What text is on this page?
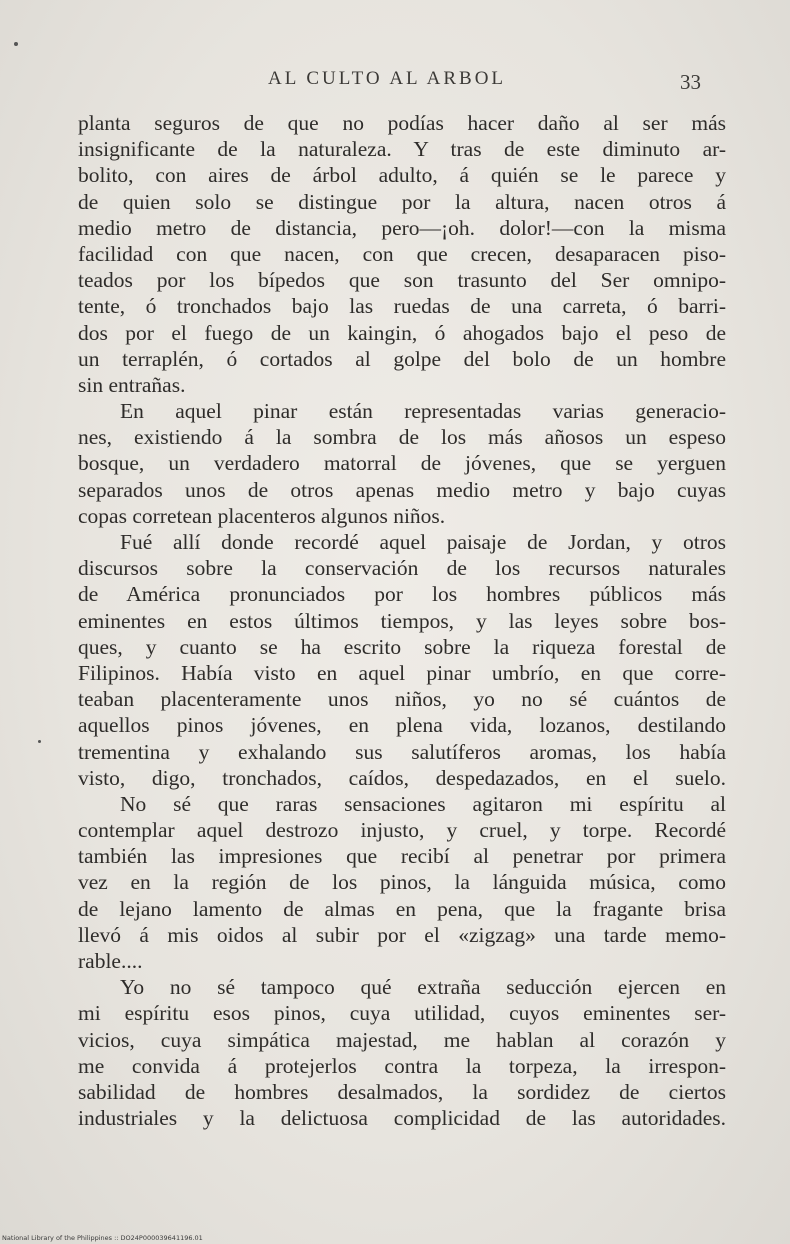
AL CULTO AL ARBOL	33
planta seguros de que no podías hacer daño al ser más
insignificante de la naturaleza. Y tras de este diminuto ar-
bolito, con aires de árbol adulto, á quién se le parece y
de quien solo se distingue por la altura, nacen otros á
medio metro de distancia, pero—¡oh. dolor!—con la misma
facilidad con que nacen, con que crecen, desaparacen piso-
teados por los bípedos que son trasunto del Ser omnipo-
tente, ó tronchados bajo las ruedas de una carreta, ó barri-
dos por el fuego de un kaingin, ó ahogados bajo el peso de
un terraplén, ó cortados al golpe del bolo de un hombre
sin entrañas.
En aquel pinar están representadas varias generacio-
nes, existiendo á la sombra de los más añosos un espeso
bosque, un verdadero matorral de jóvenes, que se yerguen
separados unos de otros apenas medio metro y bajo cuyas
copas corretean placenteros algunos niños.
Fué allí donde recordé aquel paisaje de Jordan, y otros
discursos sobre la conservación de los recursos naturales
de América pronunciados por los hombres públicos más
eminentes en estos últimos tiempos, y las leyes sobre bos-
ques, y cuanto se ha escrito sobre la riqueza forestal de
Filipinos. Había visto en aquel pinar umbrío, en que corre-
teaban placenteramente unos niños, yo no sé cuántos de
aquellos pinos jóvenes, en plena vida, lozanos, destilando
trementina y exhalando sus salutíferos aromas, los había
visto, digo, tronchados, caídos, despedazados, en el suelo.
No sé que raras sensaciones agitaron mi espíritu al
contemplar aquel destrozo injusto, y cruel, y torpe. Recordé
también las impresiones que recibí al penetrar por primera
vez en la región de los pinos, la lánguida música, como
de lejano lamento de almas en pena, que la fragante brisa
llevó á mis oidos al subir por el «zigzag» una tarde memo-
rable....
Yo no sé tampoco qué extraña seducción ejercen en
mi espíritu esos pinos, cuya utilidad, cuyos eminentes ser-
vicios, cuya simpática majestad, me hablan al corazón y
me convida á protejerlos contra la torpeza, la irrespon-
sabilidad de hombres desalmados, la sordidez de ciertos
industriales y la delictuosa complicidad de las autoridades.
National Library of the Philippines :: DO24P000039641196.01
